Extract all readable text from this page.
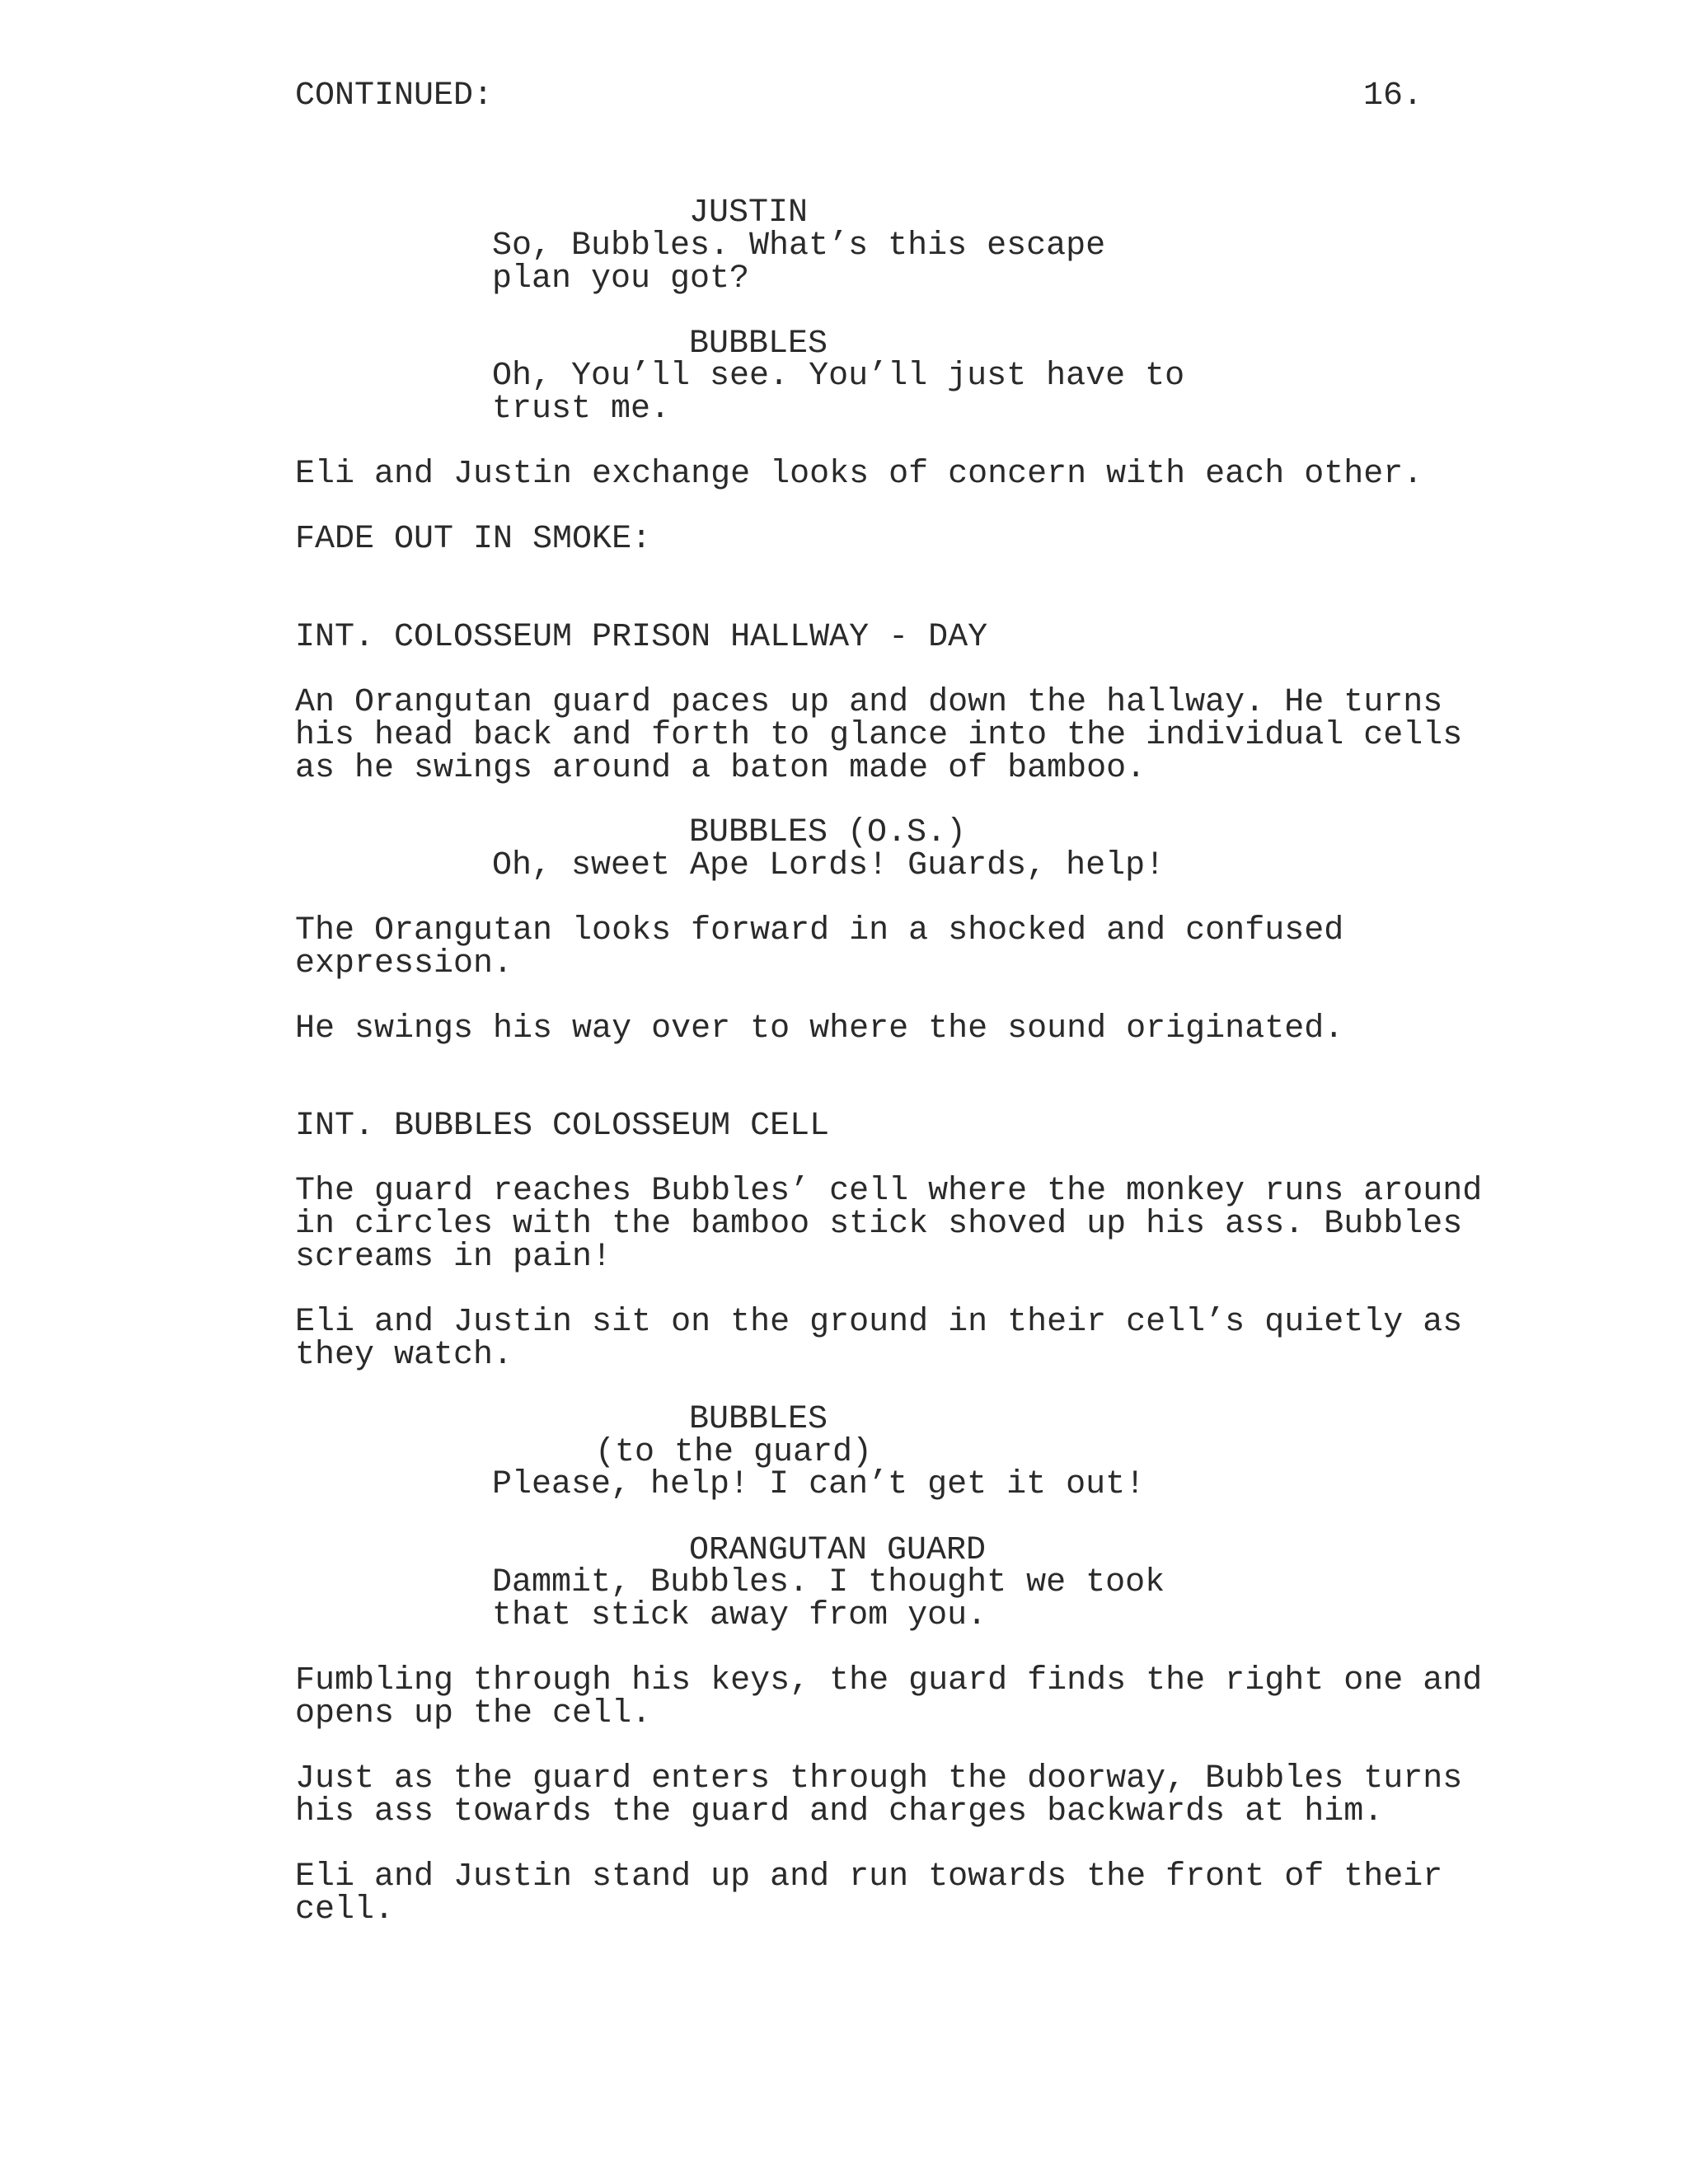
CONTINUED:	16.
JUSTIN
So, Bubbles. What’s this escape
plan you got?
BUBBLES
Oh, You’ll see. You’ll just have to
trust me.
Eli and Justin exchange looks of concern with each other.
FADE OUT IN SMOKE:
INT. COLOSSEUM PRISON HALLWAY - DAY
An Orangutan guard paces up and down the hallway. He turns
his head back and forth to glance into the individual cells
as he swings around a baton made of bamboo.
BUBBLES (O.S.)
Oh, sweet Ape Lords! Guards, help!
The Orangutan looks forward in a shocked and confused
expression.
He swings his way over to where the sound originated.
INT. BUBBLES COLOSSEUM CELL
The guard reaches Bubbles’ cell where the monkey runs around
in circles with the bamboo stick shoved up his ass. Bubbles
screams in pain!
Eli and Justin sit on the ground in their cell’s quietly as
they watch.
BUBBLES
(to the guard)
Please, help! I can’t get it out!
ORANGUTAN GUARD
Dammit, Bubbles. I thought we took
that stick away from you.
Fumbling through his keys, the guard finds the right one and
opens up the cell.
Just as the guard enters through the doorway, Bubbles turns
his ass towards the guard and charges backwards at him.
Eli and Justin stand up and run towards the front of their
cell.
